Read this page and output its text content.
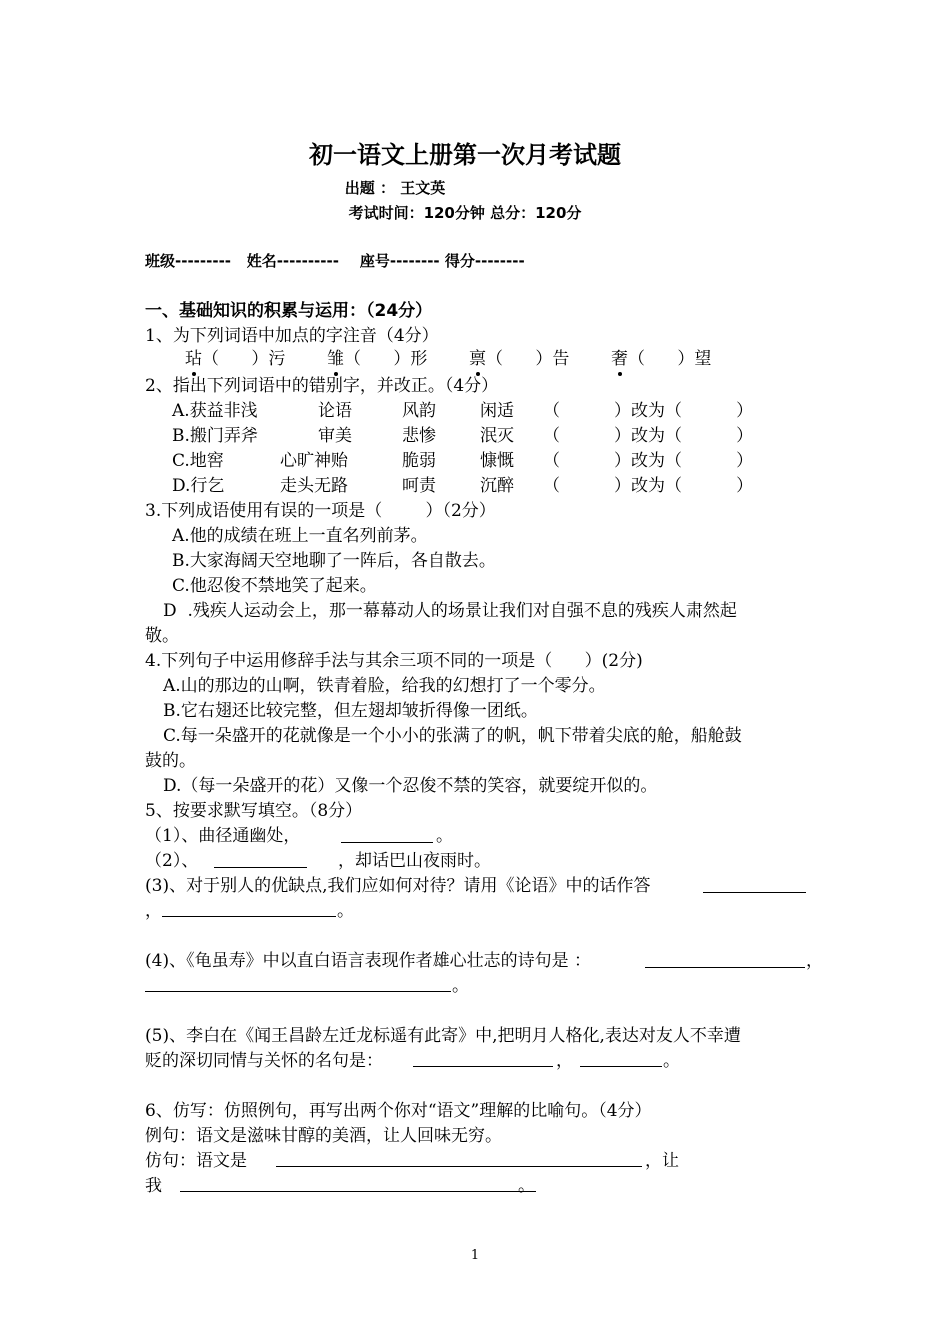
初一语文上册第一次月考试题
出题 ： 王文英
考试时间：120分钟 总分：120分
班级---------   姓名----------    座号-------- 得分--------
一、基础知识的积累与运用：（24分）
1、为下列词语中加点的字注音（4分）
玷（      ）污 雏（      ）形 禀（      ）告 奢（      ）望
2、指出下列词语中的错别字，并改正。（4分）
A.获益非浅	论语	风韵	闲适 （          ）改为（          ）
B.搬门弄斧	审美	悲惨	泯灭 （          ）改为（          ）
C.地窖	心旷神贻	脆弱	慷慨 （          ）改为（          ）
D.行乞	走头无路	呵责	沉醉 （          ）改为（          ）
3.下列成语使用有误的一项是（        ）（2分）
A.他的成绩在班上一直名列前茅。
B.大家海阔天空地聊了一阵后，各自散去。
C.他忍俊不禁地笑了起来。
D  .残疾人运动会上，那一幕幕动人的场景让我们对自强不息的残疾人肃然起
敬。
4.下列句子中运用修辞手法与其余三项不同的一项是（      ）(2分)
A.山的那边的山啊，铁青着脸，给我的幻想打了一个零分。
B.它右翅还比较完整，但左翅却皱折得像一团纸。
C.每一朵盛开的花就像是一个小小的张满了的帆，帆下带着尖底的舱，船舱鼓
鼓的。
D.（每一朵盛开的花）又像一个忍俊不禁的笑容，就要绽开似的。
5、按要求默写填空。（8分）
（1）、曲径通幽处，	。
（2）、	，却话巴山夜雨时。
(3)、对于别人的优缺点,我们应如何对待？请用《论语》中的话作答
，	。
(4)、《龟虽寿》中以直白语言表现作者雄心壮志的诗句是 ：	，
。
(5)、李白在《闻王昌龄左迁龙标遥有此寄》中,把明月人格化,表达对友人不幸遭
贬的深切同情与关怀的名句是：	，	。
6、仿写：仿照例句，再写出两个你对“语文”理解的比喻句。（4分）
例句：语文是滋味甘醇的美酒，让人回味无穷。
仿句：语文是	，让
我	。
1
